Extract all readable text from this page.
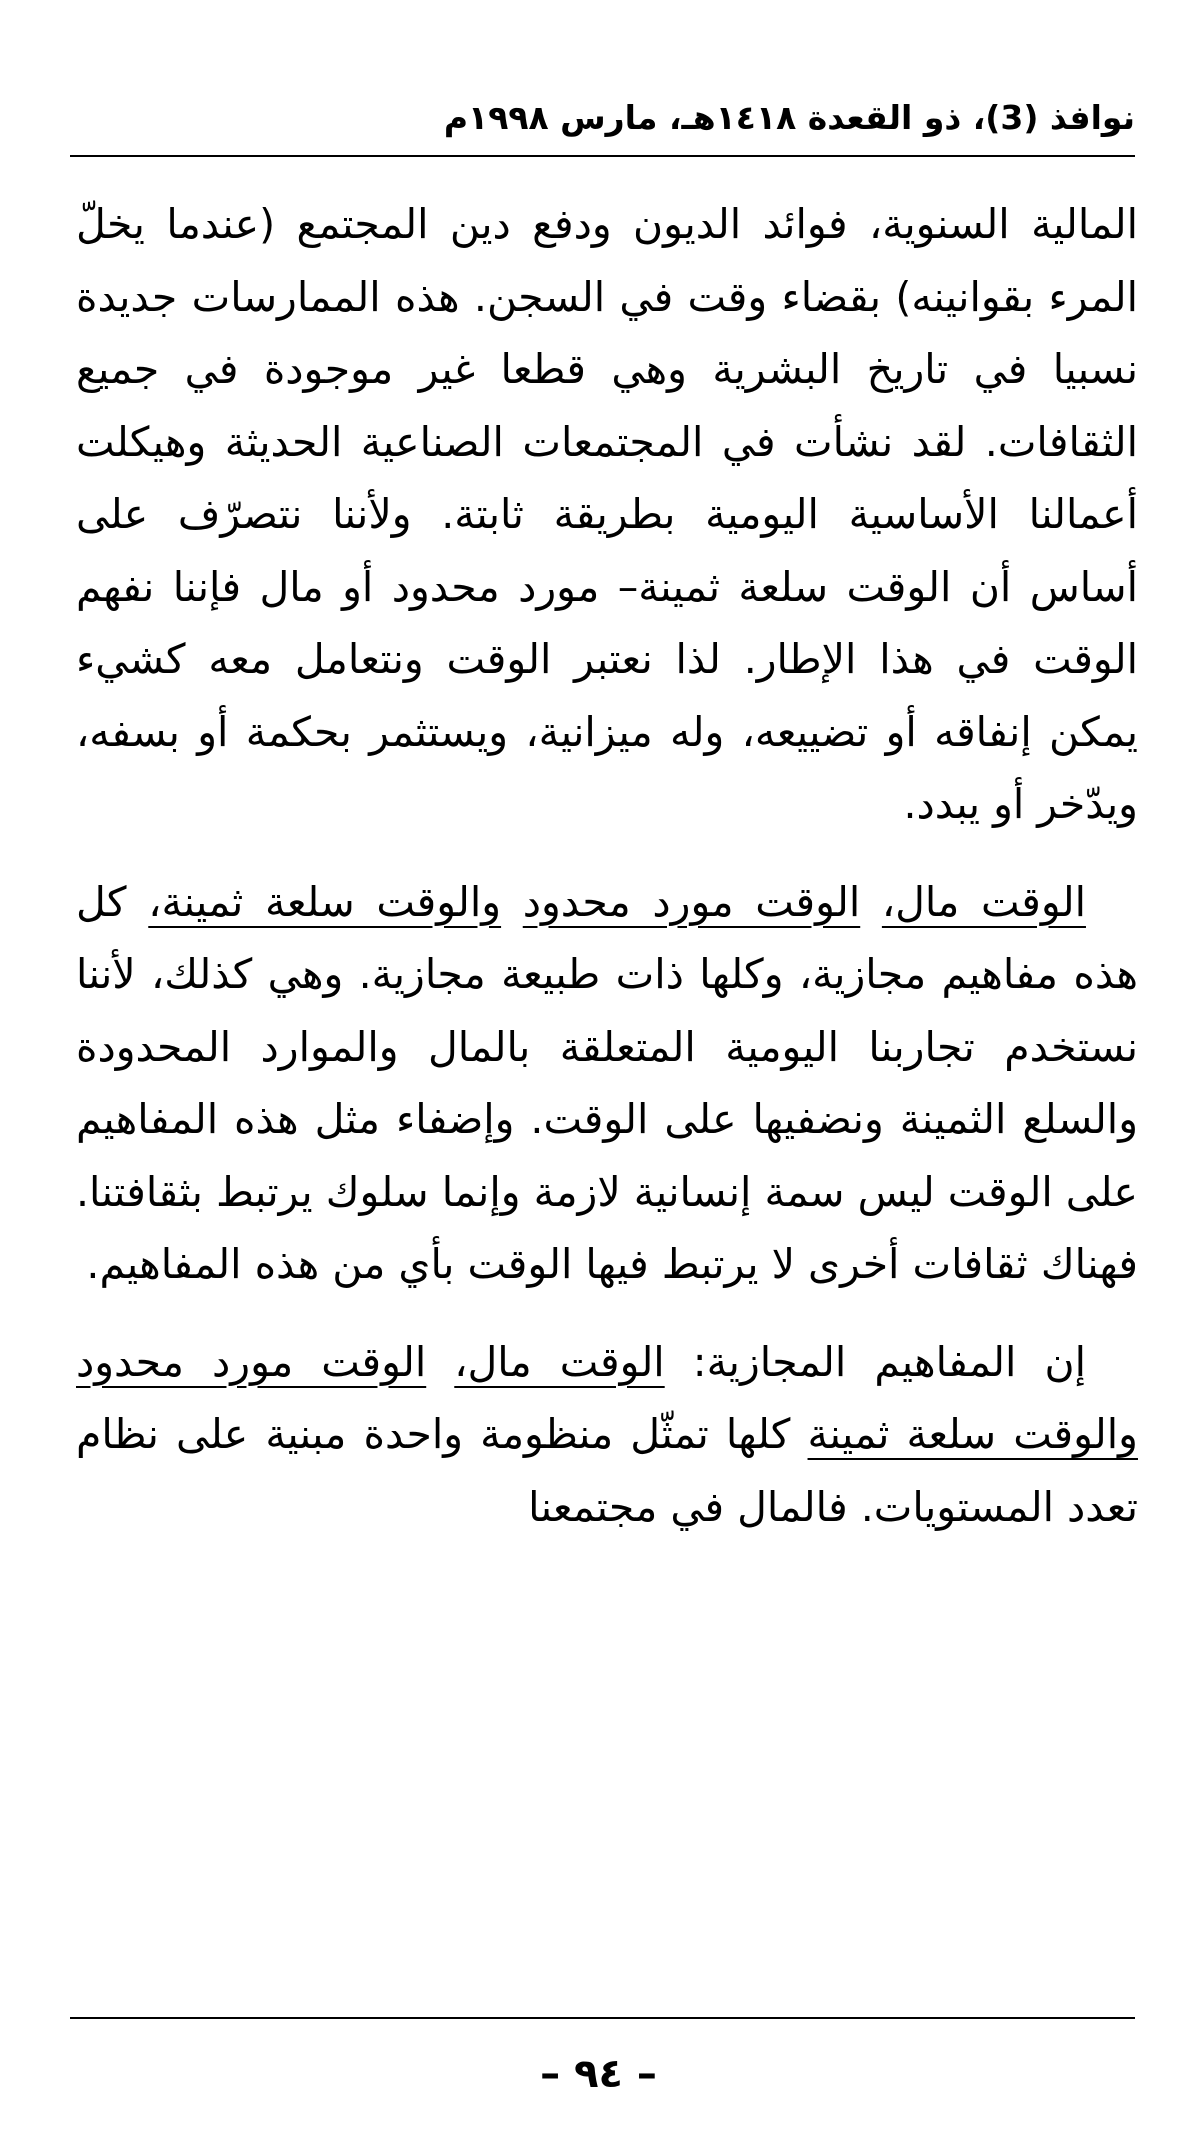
نوافذ (3)، ذو القعدة ١٤١٨هـ، مارس ١٩٩٨م

المالية السنوية، فوائد الديون ودفع دين المجتمع (عندما يخلّ المرء بقوانينه) بقضاء وقت في السجن. هذه الممارسات جديدة نسبيا في تاريخ البشرية وهي قطعا غير موجودة في جميع الثقافات. لقد نشأت في المجتمعات الصناعية الحديثة وهيكلت أعمالنا الأساسية اليومية بطريقة ثابتة. ولأننا نتصرّف على أساس أن الوقت سلعة ثمينة– مورد محدود أو مال فإننا نفهم الوقت في هذا الإطار. لذا نعتبر الوقت ونتعامل معه كشيء يمكن إنفاقه أو تضييعه، وله ميزانية، ويستثمر بحكمة أو بسفه، ويدّخر أو يبدد.

الوقت مال، الوقت مورد محدود والوقت سلعة ثمينة، كل هذه مفاهيم مجازية، وكلها ذات طبيعة مجازية. وهي كذلك، لأننا نستخدم تجاربنا اليومية المتعلقة بالمال والموارد المحدودة والسلع الثمينة ونضفيها على الوقت. وإضفاء مثل هذه المفاهيم على الوقت ليس سمة إنسانية لازمة وإنما سلوك يرتبط بثقافتنا. فهناك ثقافات أخرى لا يرتبط فيها الوقت بأي من هذه المفاهيم.

إن المفاهيم المجازية: الوقت مال، الوقت مورد محدود والوقت سلعة ثمينة كلها تمثّل منظومة واحدة مبنية على نظام تعدد المستويات. فالمال في مجتمعنا

– ٩٤ –
